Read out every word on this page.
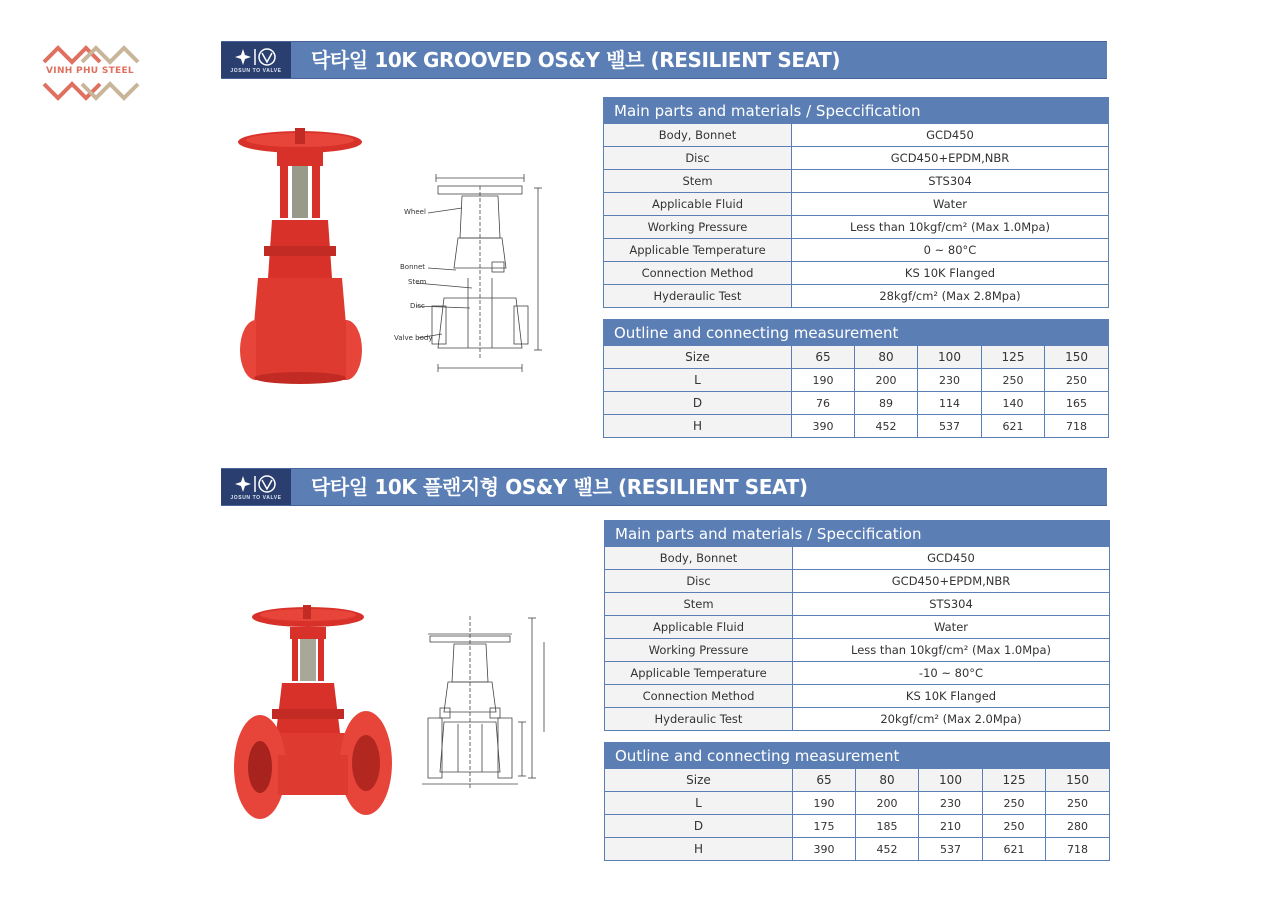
VINH PHU STEEL	JOSUN TO VALVE	닥타일 10K GROOVED OS&Y 밸브 (RESILIENT SEAT)
Wheel
Bonnet
Stem
Disc
Valve body
Main parts and materials / Speccification	
Body, Bonnet	GCD450
Disc	GCD450+EPDM,NBR
Stem	STS304
Applicable Fluid	Water
Working Pressure	Less than 10kgf/cm² (Max 1.0Mpa)
Applicable Temperature	0 ~ 80°C
Connection Method	KS 10K Flanged
Hyderaulic Test	28kgf/cm² (Max 2.8Mpa)
Outline and connecting measurement					
Size	65	80	100	125	150
L	190	200	230	250	250
D	76	89	114	140	165
H	390	452	537	621	718
JOSUN TO VALVE	닥타일 10K 플랜지형 OS&Y 밸브 (RESILIENT SEAT)
Main parts and materials / Speccification	
Body, Bonnet	GCD450
Disc	GCD450+EPDM,NBR
Stem	STS304
Applicable Fluid	Water
Working Pressure	Less than 10kgf/cm² (Max 1.0Mpa)
Applicable Temperature	-10 ~ 80°C
Connection Method	KS 10K Flanged
Hyderaulic Test	20kgf/cm² (Max 2.0Mpa)
Outline and connecting measurement					
Size	65	80	100	125	150
L	190	200	230	250	250
D	175	185	210	250	280
H	390	452	537	621	718
